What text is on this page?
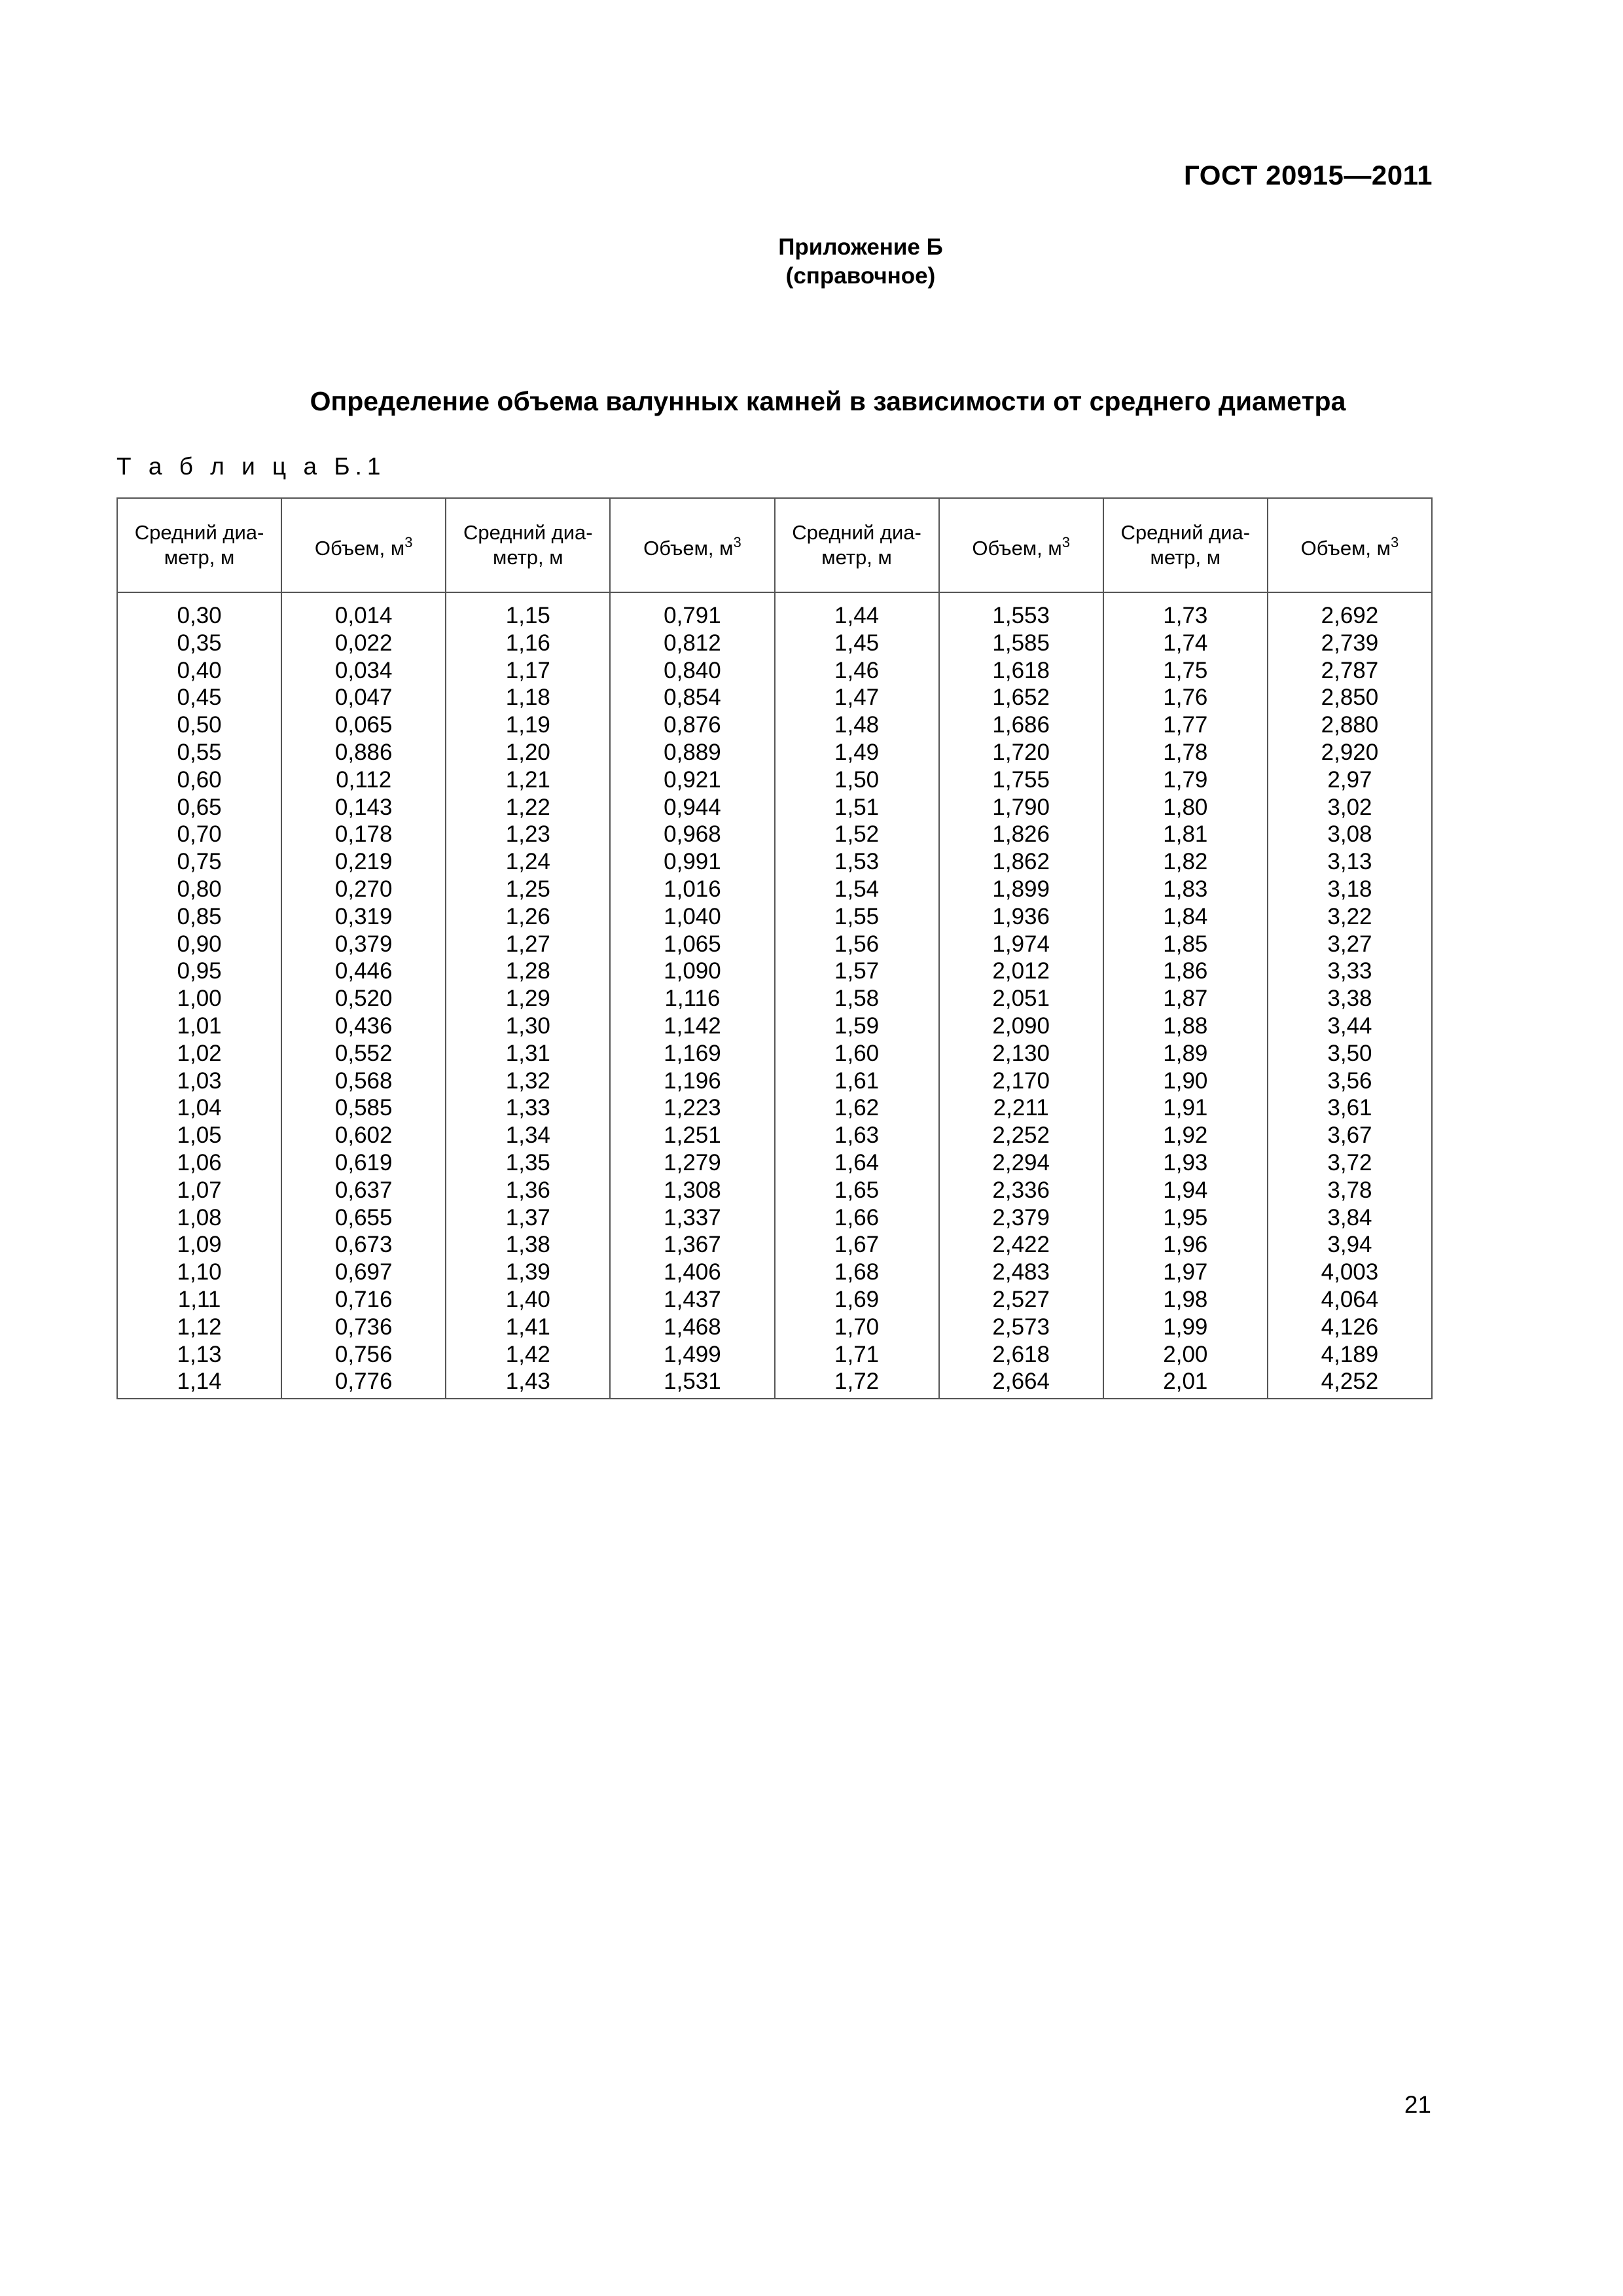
ГОСТ 20915—2011
Приложение Б
(справочное)
Определение объема валунных камней в зависимости от среднего диаметра
Т а б л и ц а Б.1
Средний диа-
метр, м	Объем, $м^3$	Средний диа-
метр, м	Объем, $м^3$	Средний диа-
метр, м	Объем, $м^3$	Средний диа-
метр, м	Объем, $м^3$
0,30	0,014	1,15	0,791	1,44	1,553	1,73	2,692
0,35	0,022	1,16	0,812	1,45	1,585	1,74	2,739
0,40	0,034	1,17	0,840	1,46	1,618	1,75	2,787
0,45	0,047	1,18	0,854	1,47	1,652	1,76	2,850
0,50	0,065	1,19	0,876	1,48	1,686	1,77	2,880
0,55	0,886	1,20	0,889	1,49	1,720	1,78	2,920
0,60	0,112	1,21	0,921	1,50	1,755	1,79	2,97
0,65	0,143	1,22	0,944	1,51	1,790	1,80	3,02
0,70	0,178	1,23	0,968	1,52	1,826	1,81	3,08
0,75	0,219	1,24	0,991	1,53	1,862	1,82	3,13
0,80	0,270	1,25	1,016	1,54	1,899	1,83	3,18
0,85	0,319	1,26	1,040	1,55	1,936	1,84	3,22
0,90	0,379	1,27	1,065	1,56	1,974	1,85	3,27
0,95	0,446	1,28	1,090	1,57	2,012	1,86	3,33
1,00	0,520	1,29	1,116	1,58	2,051	1,87	3,38
1,01	0,436	1,30	1,142	1,59	2,090	1,88	3,44
1,02	0,552	1,31	1,169	1,60	2,130	1,89	3,50
1,03	0,568	1,32	1,196	1,61	2,170	1,90	3,56
1,04	0,585	1,33	1,223	1,62	2,211	1,91	3,61
1,05	0,602	1,34	1,251	1,63	2,252	1,92	3,67
1,06	0,619	1,35	1,279	1,64	2,294	1,93	3,72
1,07	0,637	1,36	1,308	1,65	2,336	1,94	3,78
1,08	0,655	1,37	1,337	1,66	2,379	1,95	3,84
1,09	0,673	1,38	1,367	1,67	2,422	1,96	3,94
1,10	0,697	1,39	1,406	1,68	2,483	1,97	4,003
1,11	0,716	1,40	1,437	1,69	2,527	1,98	4,064
1,12	0,736	1,41	1,468	1,70	2,573	1,99	4,126
1,13	0,756	1,42	1,499	1,71	2,618	2,00	4,189
1,14	0,776	1,43	1,531	1,72	2,664	2,01	4,252
21
